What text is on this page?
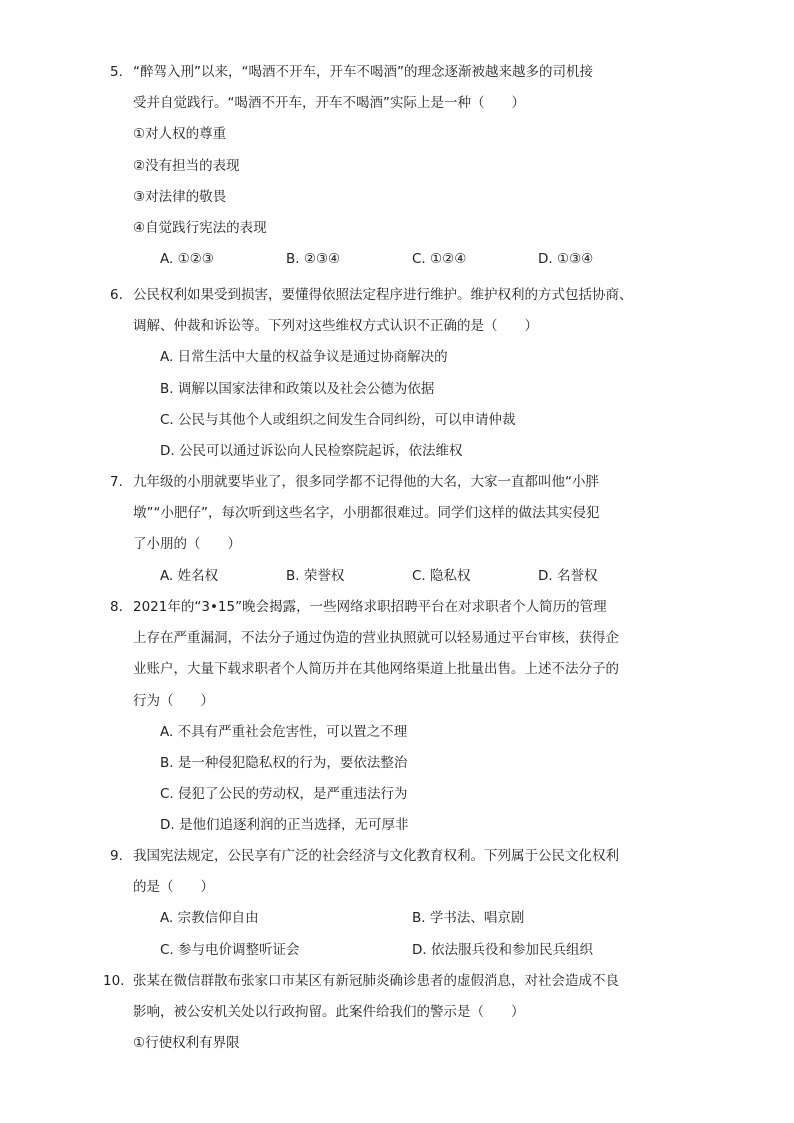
5. “醉驾入刑”以来，“喝酒不开车，开车不喝酒”的理念逐渐被越来越多的司机接
受并自觉践行。“喝酒不开车，开车不喝酒”实际上是一种（　　）
①对人权的尊重
②没有担当的表现
③对法律的敬畏
④自觉践行宪法的表现
A. ①②③	B. ②③④	C. ①②④	D. ①③④
6. 公民权利如果受到损害，要懂得依照法定程序进行维护。维护权利的方式包括协商、
调解、仲裁和诉讼等。下列对这些维权方式认识不正确的是（　　）
A. 日常生活中大量的权益争议是通过协商解决的
B. 调解以国家法律和政策以及社会公德为依据
C. 公民与其他个人或组织之间发生合同纠纷，可以申请仲裁
D. 公民可以通过诉讼向人民检察院起诉，依法维权
7. 九年级的小朋就要毕业了，很多同学都不记得他的大名，大家一直都叫他“小胖
墩”“小肥仔”，每次听到这些名字，小朋都很难过。同学们这样的做法其实侵犯
了小朋的（　　）
A. 姓名权	B. 荣誉权	C. 隐私权	D. 名誉权
8. 2021年的“3•15”晚会揭露，一些网络求职招聘平台在对求职者个人简历的管理
上存在严重漏洞，不法分子通过伪造的营业执照就可以轻易通过平台审核，获得企
业账户，大量下载求职者个人简历并在其他网络渠道上批量出售。上述不法分子的
行为（　　）
A. 不具有严重社会危害性，可以置之不理
B. 是一种侵犯隐私权的行为，要依法整治
C. 侵犯了公民的劳动权，是严重违法行为
D. 是他们追逐利润的正当选择，无可厚非
9. 我国宪法规定，公民享有广泛的社会经济与文化教育权利。下列属于公民文化权利
的是（　　）
A. 宗教信仰自由	B. 学书法、唱京剧
C. 参与电价调整听证会	D. 依法服兵役和参加民兵组织
10. 张某在微信群散布张家口市某区有新冠肺炎确诊患者的虚假消息，对社会造成不良
影响，被公安机关处以行政拘留。此案件给我们的警示是（　　）
①行使权利有界限
